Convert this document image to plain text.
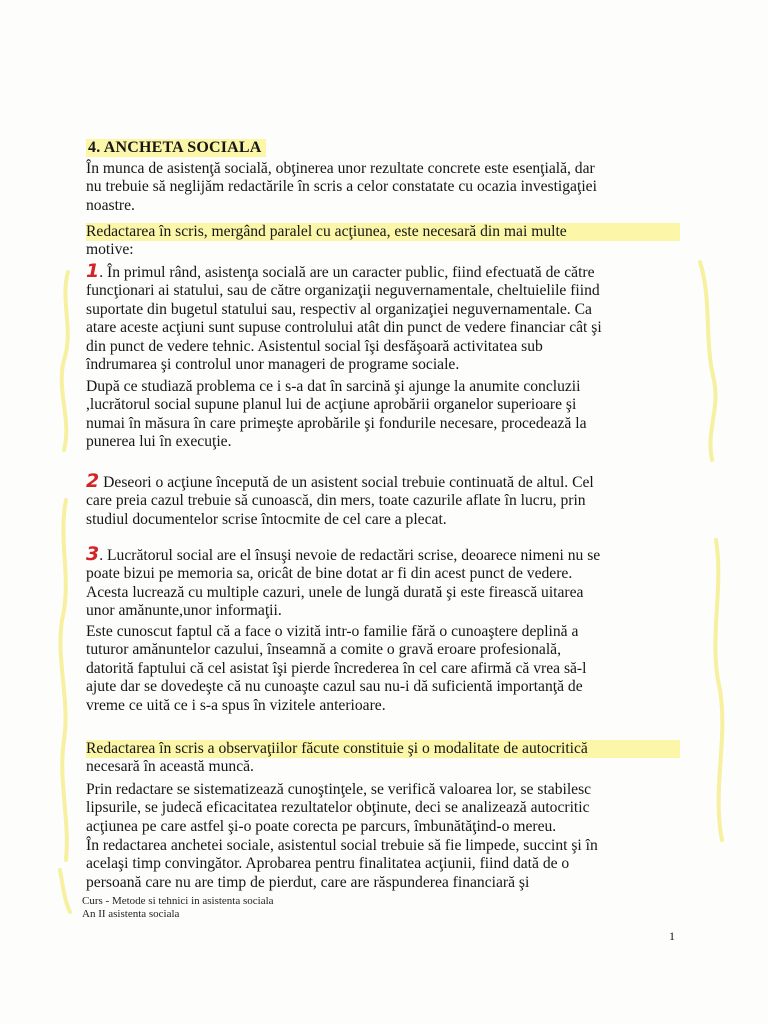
4. ANCHETA SOCIALA

În munca de asistenţă socială, obţinerea unor rezultate concrete este esenţială, dar
nu trebuie să neglijăm redactările în scris a celor constatate cu ocazia investigaţiei
noastre.

Redactarea în scris, mergând paralel cu acţiunea, este necesară din mai multe
motive:

1. În primul rând, asistenţa socială are un caracter public, fiind efectuată de către
funcţionari ai statului, sau de către organizaţii neguvernamentale, cheltuielile fiind
suportate din bugetul statului sau, respectiv al organizaţiei neguvernamentale. Ca
atare aceste acţiuni sunt supuse controlului atât din punct de vedere financiar cât şi
din punct de vedere tehnic. Asistentul social îşi desfăşoară activitatea sub
îndrumarea şi controlul unor manageri de programe sociale.

După ce studiază problema ce i s-a dat în sarcină şi ajunge la anumite concluzii
,lucrătorul social supune planul lui de acţiune aprobării organelor superioare şi
numai în măsura în care primeşte aprobările şi fondurile necesare, procedează la
punerea lui în execuţie.

2 Deseori o acţiune începută de un asistent social trebuie continuată de altul. Cel
care preia cazul trebuie să cunoască, din mers, toate cazurile aflate în lucru, prin
studiul documentelor scrise întocmite de cel care a plecat.

3. Lucrătorul social are el însuşi nevoie de redactări scrise, deoarece nimeni nu se
poate bizui pe memoria sa, oricât de bine dotat ar fi din acest punct de vedere.
Acesta lucrează cu multiple cazuri, unele de lungă durată şi este firească uitarea
unor amănunte,unor informaţii.

Este cunoscut faptul că a face o vizită intr-o familie fără o cunoaştere deplină a
tuturor amănuntelor cazului, înseamnă a comite o gravă eroare profesională,
datorită faptului că cel asistat îşi pierde încrederea în cel care afirmă că vrea să-l
ajute dar se dovedeşte că nu cunoaşte cazul sau nu-i dă suficientă importanţă de
vreme ce uită ce i s-a spus în vizitele anterioare.

Redactarea în scris a observaţiilor făcute constituie şi o modalitate de autocritică
necesară în această muncă.

Prin redactare se sistematizează cunoştinţele, se verifică valoarea lor, se stabilesc
lipsurile, se judecă eficacitatea rezultatelor obţinute, deci se analizează autocritic
acţiunea pe care astfel şi-o poate corecta pe parcurs, îmbunătăţind-o mereu.

În redactarea anchetei sociale, asistentul social trebuie să fie limpede, succint şi în
acelaşi timp convingător. Aprobarea pentru finalitatea acţiunii, fiind dată de o
persoană care nu are timp de pierdut, care are răspunderea financiară şi

Curs - Metode si tehnici in asistenta sociala
An II asistenta sociala
1
